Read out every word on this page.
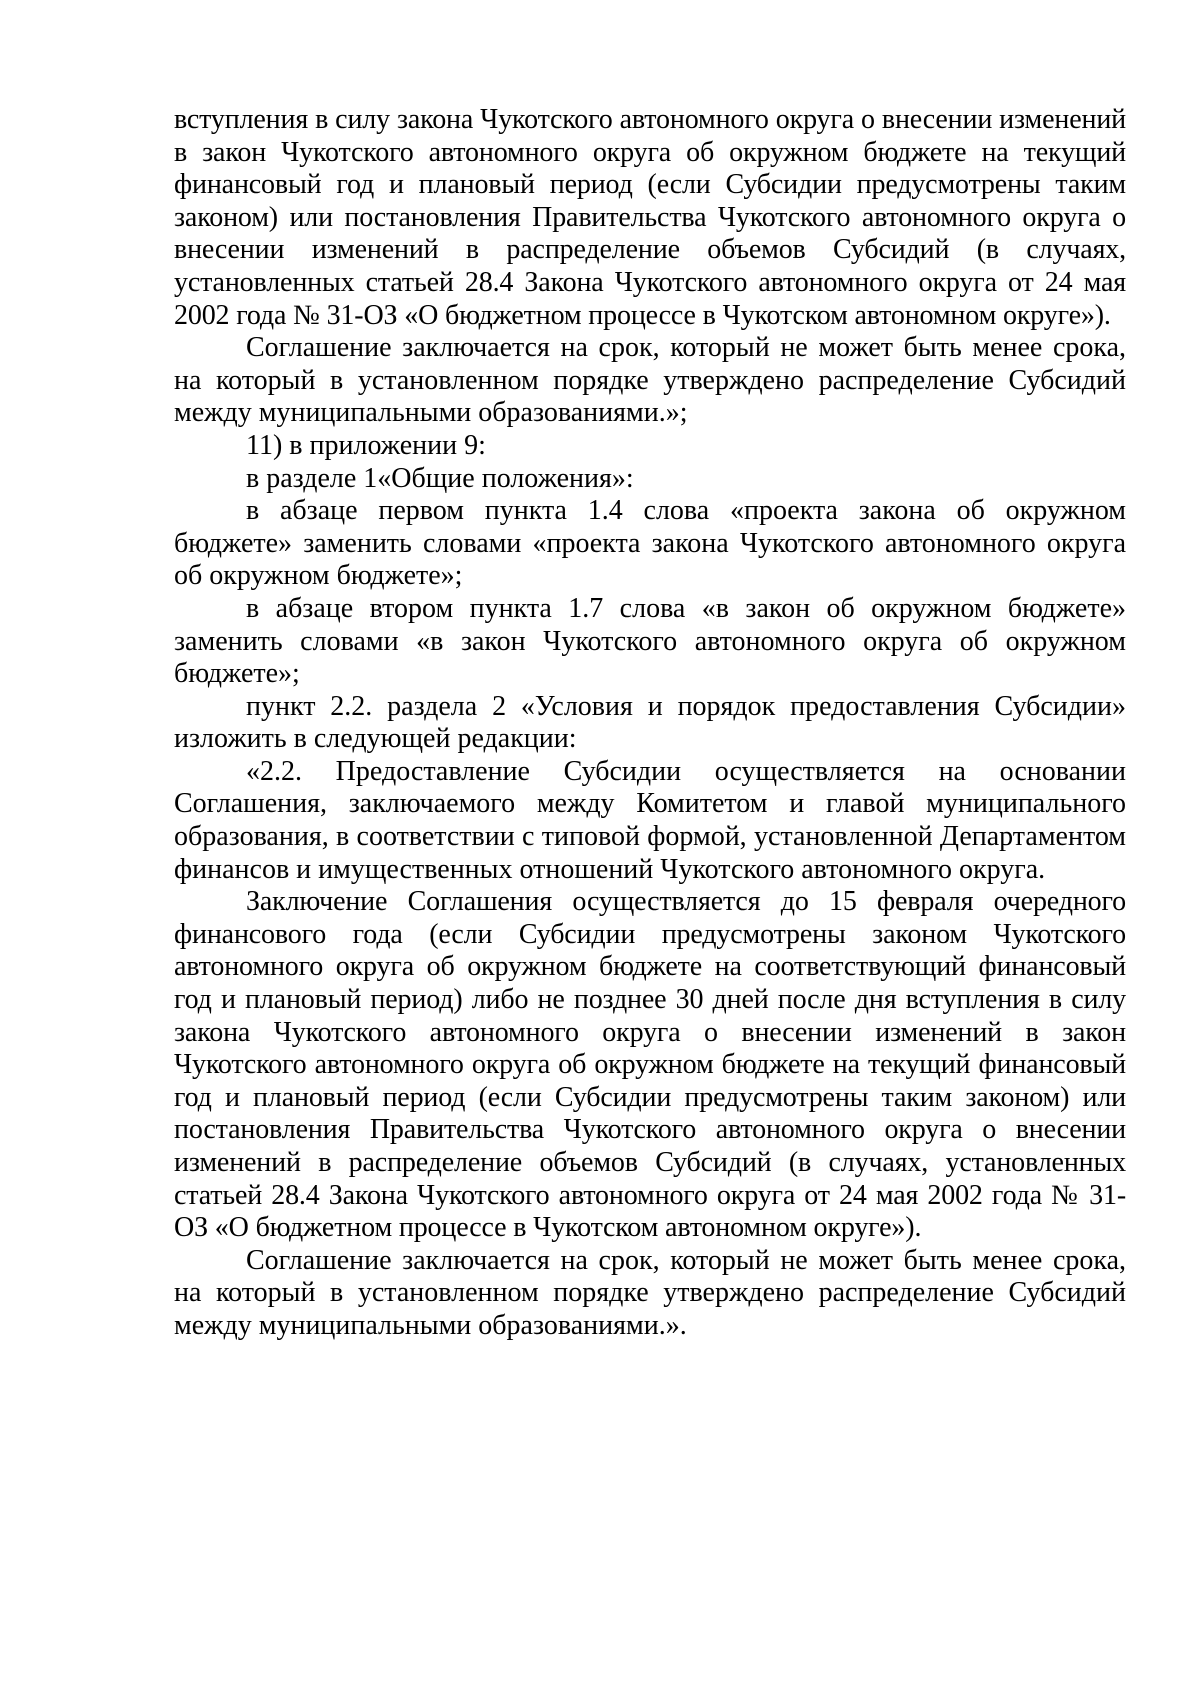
вступления в силу закона Чукотского автономного округа о внесении изменений в закон Чукотского автономного округа об окружном бюджете на текущий финансовый год и плановый период (если Субсидии предусмотрены таким законом) или постановления Правительства Чукотского автономного округа о внесении изменений в распределение объемов Субсидий (в случаях, установленных статьей 28.4 Закона Чукотского автономного округа от 24 мая 2002 года № 31-ОЗ «О бюджетном процессе в Чукотском автономном округе»).

Соглашение заключается на срок, который не может быть менее срока, на который в установленном порядке утверждено распределение Субсидий между муниципальными образованиями.»;

11) в приложении 9:

в разделе 1«Общие положения»:

в абзаце первом пункта 1.4 слова «проекта закона об окружном бюджете» заменить словами «проекта закона Чукотского автономного округа об окружном бюджете»;

в абзаце втором пункта 1.7 слова «в закон об окружном бюджете» заменить словами «в закон Чукотского автономного округа об окружном бюджете»;

пункт 2.2. раздела 2 «Условия и порядок предоставления Субсидии» изложить в следующей редакции:

«2.2. Предоставление Субсидии осуществляется на основании Соглашения, заключаемого между Комитетом и главой муниципального образования, в соответствии с типовой формой, установленной Департаментом финансов и имущественных отношений Чукотского автономного округа.

Заключение Соглашения осуществляется до 15 февраля очередного финансового года (если Субсидии предусмотрены законом Чукотского автономного округа об окружном бюджете на соответствующий финансовый год и плановый период) либо не позднее 30 дней после дня вступления в силу закона Чукотского автономного округа о внесении изменений в закон Чукотского автономного округа об окружном бюджете на текущий финансовый год и плановый период (если Субсидии предусмотрены таким законом) или постановления Правительства Чукотского автономного округа о внесении изменений в распределение объемов Субсидий (в случаях, установленных статьей 28.4 Закона Чукотского автономного округа от 24 мая 2002 года № 31-ОЗ «О бюджетном процессе в Чукотском автономном округе»).

Соглашение заключается на срок, который не может быть менее срока, на который в установленном порядке утверждено распределение Субсидий между муниципальными образованиями.».
